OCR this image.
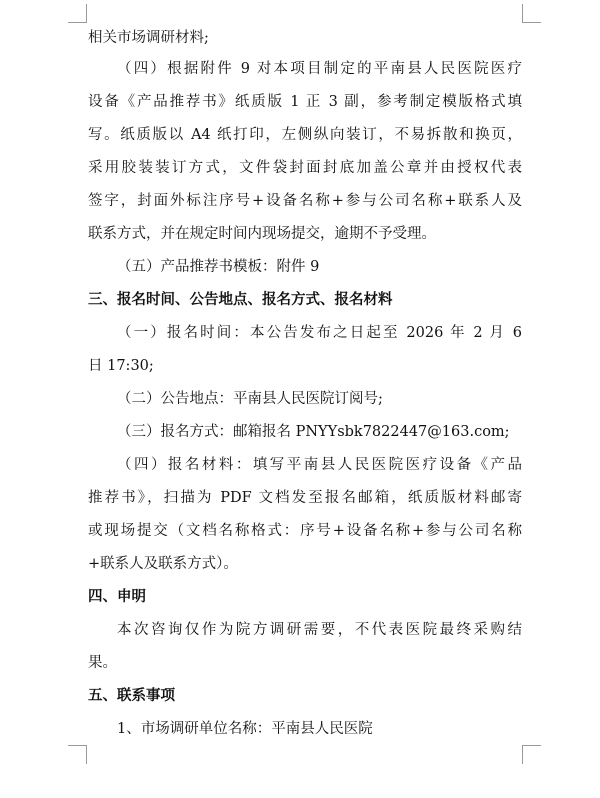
相关市场调研材料;
（四）根据附件 9 对本项目制定的平南县人民医院医疗
设备《产品推荐书》纸质版 1 正 3 副，参考制定模版格式填
写。纸质版以 A4 纸打印，左侧纵向装订，不易拆散和换页，
采用胶装装订方式，文件袋封面封底加盖公章并由授权代表
签字，封面外标注序号+设备名称+参与公司名称+联系人及
联系方式，并在规定时间内现场提交，逾期不予受理。
（五）产品推荐书模板：附件 9
三、报名时间、公告地点、报名方式、报名材料
（一）报名时间：本公告发布之日起至 2026 年 2 月 6
日 17:30;
（二）公告地点：平南县人民医院订阅号;
（三）报名方式：邮箱报名 PNYYsbk7822447@163.com;
（四）报名材料：填写平南县人民医院医疗设备《产品
推荐书》，扫描为 PDF 文档发至报名邮箱，纸质版材料邮寄
或现场提交（文档名称格式：序号+设备名称+参与公司名称
+联系人及联系方式）。
四、申明
本次咨询仅作为院方调研需要，不代表医院最终采购结
果。
五、联系事项
1、市场调研单位名称：平南县人民医院
